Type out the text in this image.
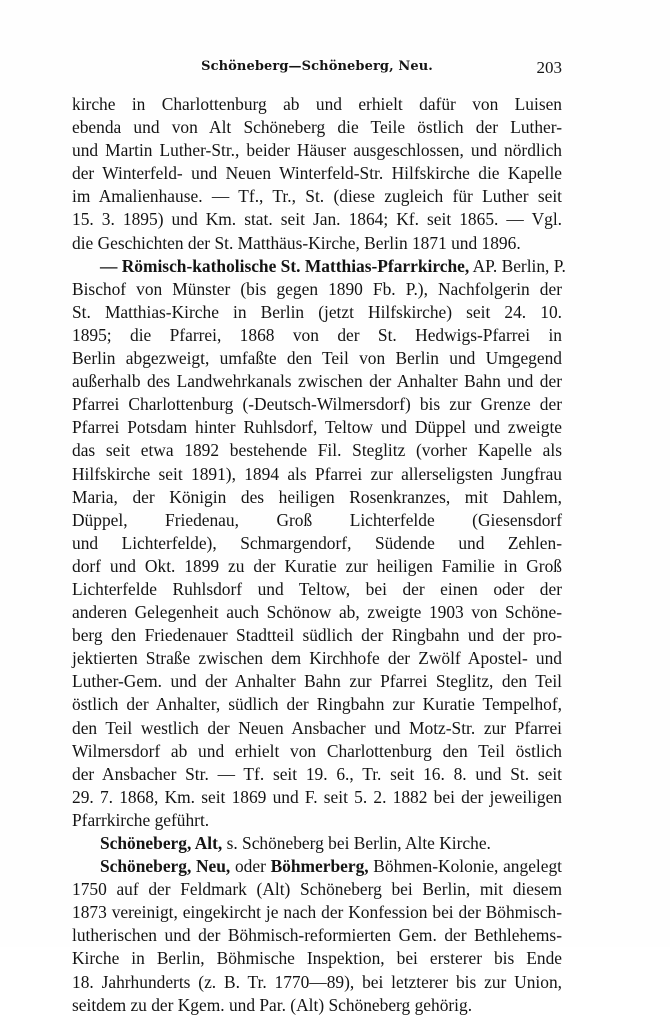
Schöneberg—Schöneberg, Neu.	203
kirche in Charlottenburg ab und erhielt dafür von Luisen
ebenda und von Alt Schöneberg die Teile östlich der Luther-
und Martin Luther-Str., beider Häuser ausgeschlossen, und nördlich
der Winterfeld- und Neuen Winterfeld-Str. Hilfskirche die Kapelle
im Amalienhause. — Tf., Tr., St. (diese zugleich für Luther seit
15. 3. 1895) und Km. stat. seit Jan. 1864; Kf. seit 1865. — Vgl.
die Geschichten der St. Matthäus-Kirche, Berlin 1871 und 1896.
— Römisch-katholische St. Matthias-Pfarrkirche, AP. Berlin, P.
Bischof von Münster (bis gegen 1890 Fb. P.), Nachfolgerin der
St. Matthias-Kirche in Berlin (jetzt Hilfskirche) seit 24. 10.
1895; die Pfarrei, 1868 von der St. Hedwigs-Pfarrei in
Berlin abgezweigt, umfaßte den Teil von Berlin und Umgegend
außerhalb des Landwehrkanals zwischen der Anhalter Bahn und der
Pfarrei Charlottenburg (-Deutsch-Wilmersdorf) bis zur Grenze der
Pfarrei Potsdam hinter Ruhlsdorf, Teltow und Düppel und zweigte
das seit etwa 1892 bestehende Fil. Steglitz (vorher Kapelle als
Hilfskirche seit 1891), 1894 als Pfarrei zur allerseligsten Jungfrau
Maria, der Königin des heiligen Rosenkranzes, mit Dahlem,
Düppel, Friedenau, Groß Lichterfelde (Giesensdorf
und Lichterfelde), Schmargendorf, Südende und Zehlen-
dorf und Okt. 1899 zu der Kuratie zur heiligen Familie in Groß
Lichterfelde Ruhlsdorf und Teltow, bei der einen oder der
anderen Gelegenheit auch Schönow ab, zweigte 1903 von Schöne-
berg den Friedenauer Stadtteil südlich der Ringbahn und der pro-
jektierten Straße zwischen dem Kirchhofe der Zwölf Apostel- und
Luther-Gem. und der Anhalter Bahn zur Pfarrei Steglitz, den Teil
östlich der Anhalter, südlich der Ringbahn zur Kuratie Tempelhof,
den Teil westlich der Neuen Ansbacher und Motz-Str. zur Pfarrei
Wilmersdorf ab und erhielt von Charlottenburg den Teil östlich
der Ansbacher Str. — Tf. seit 19. 6., Tr. seit 16. 8. und St. seit
29. 7. 1868, Km. seit 1869 und F. seit 5. 2. 1882 bei der jeweiligen
Pfarrkirche geführt.
Schöneberg, Alt, s. Schöneberg bei Berlin, Alte Kirche.
Schöneberg, Neu, oder Böhmerberg, Böhmen-Kolonie, angelegt
1750 auf der Feldmark (Alt) Schöneberg bei Berlin, mit diesem
1873 vereinigt, eingekircht je nach der Konfession bei der Böhmisch-
lutherischen und der Böhmisch-reformierten Gem. der Bethlehems-
Kirche in Berlin, Böhmische Inspektion, bei ersterer bis Ende
18. Jahrhunderts (z. B. Tr. 1770—89), bei letzterer bis zur Union,
seitdem zu der Kgem. und Par. (Alt) Schöneberg gehörig.
